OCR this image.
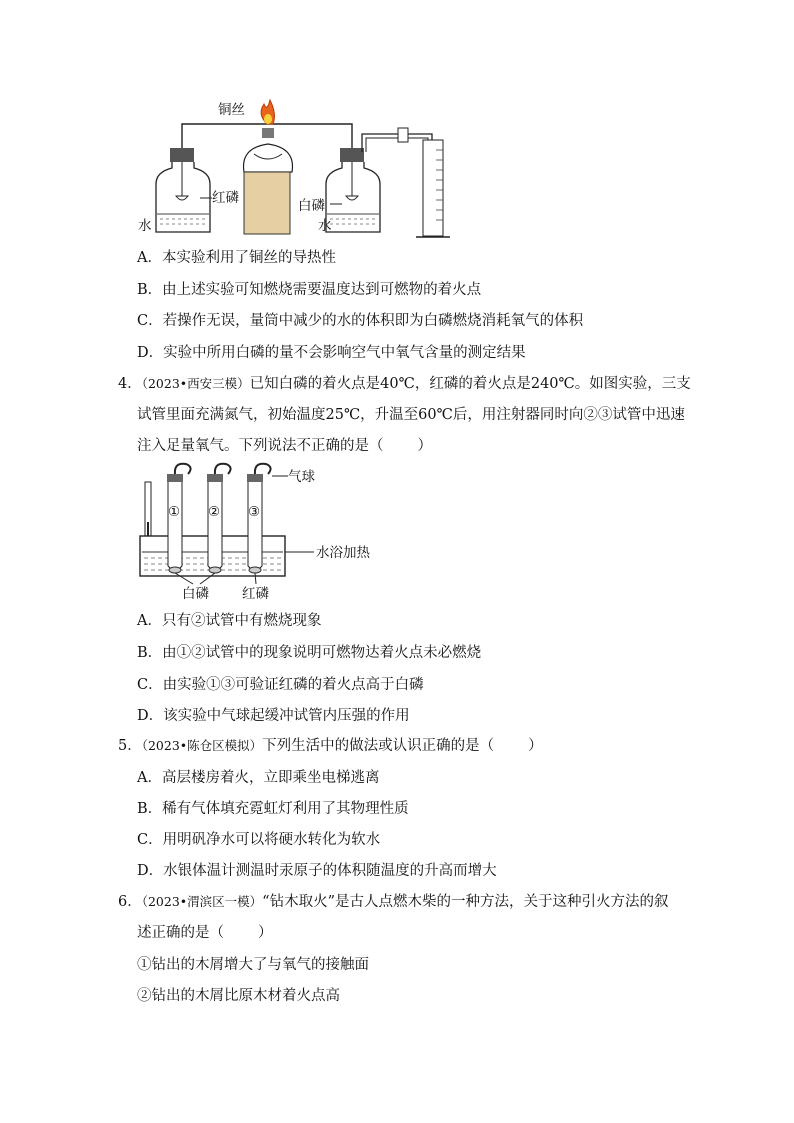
铜丝
水
红磷	白磷
水
A．本实验利用了铜丝的导热性
B．由上述实验可知燃烧需要温度达到可燃物的着火点
C．若操作无误，量筒中减少的水的体积即为白磷燃烧消耗氧气的体积
D．实验中所用白磷的量不会影响空气中氧气含量的测定结果
4．（2023•西安三模）已知白磷的着火点是40℃，红磷的着火点是240℃。如图实验，三支
试管里面充满氮气，初始温度25℃，升温至60℃后，用注射器同时向②③试管中迅速
注入足量氧气。下列说法不正确的是（ ）
① ② ③
气球
水浴加热
白磷 红磷
A．只有②试管中有燃烧现象
B．由①②试管中的现象说明可燃物达着火点未必燃烧
C．由实验①③可验证红磷的着火点高于白磷
D．该实验中气球起缓冲试管内压强的作用
5．（2023•陈仓区模拟）下列生活中的做法或认识正确的是（ ）
A．高层楼房着火，立即乘坐电梯逃离
B．稀有气体填充霓虹灯利用了其物理性质
C．用明矾净水可以将硬水转化为软水
D．水银体温计测温时汞原子的体积随温度的升高而增大
6．（2023•渭滨区一模）“钻木取火”是古人点燃木柴的一种方法，关于这种引火方法的叙
述正确的是（ ）
①钻出的木屑增大了与氧气的接触面
②钻出的木屑比原木材着火点高
